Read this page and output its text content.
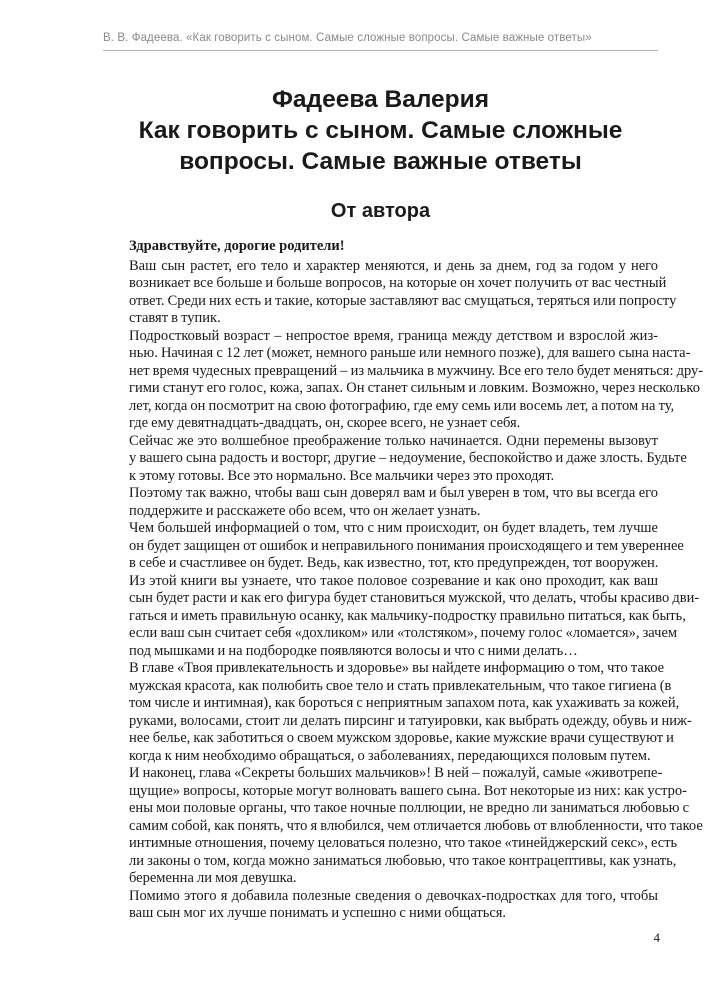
В. В. Фадеева. «Как говорить с сыном. Самые сложные вопросы. Самые важные ответы»
Фадеева Валерия
Как говорить с сыном. Самые сложные
вопросы. Самые важные ответы
От автора

Здравствуйте, дорогие родители!

Ваш сын растет, его тело и характер меняются, и день за днем, год за годом у него
возникает все больше и больше вопросов, на которые он хочет получить от вас честный
ответ. Среди них есть и такие, которые заставляют вас смущаться, теряться или попросту
ставят в тупик.

Подростковый возраст – непростое время, граница между детством и взрослой жиз-
нью. Начиная с 12 лет (может, немного раньше или немного позже), для вашего сына наста-
нет время чудесных превращений – из мальчика в мужчину. Все его тело будет меняться: дру-
гими станут его голос, кожа, запах. Он станет сильным и ловким. Возможно, через несколько
лет, когда он посмотрит на свою фотографию, где ему семь или восемь лет, а потом на ту,
где ему девятнадцать-двадцать, он, скорее всего, не узнает себя.

Сейчас же это волшебное преображение только начинается. Одни перемены вызовут
у вашего сына радость и восторг, другие – недоумение, беспокойство и даже злость. Будьте
к этому готовы. Все это нормально. Все мальчики через это проходят.

Поэтому так важно, чтобы ваш сын доверял вам и был уверен в том, что вы всегда его
поддержите и расскажете обо всем, что он желает узнать.

Чем большей информацией о том, что с ним происходит, он будет владеть, тем лучше
он будет защищен от ошибок и неправильного понимания происходящего и тем увереннее
в себе и счастливее он будет. Ведь, как известно, тот, кто предупрежден, тот вооружен.

Из этой книги вы узнаете, что такое половое созревание и как оно проходит, как ваш
сын будет расти и как его фигура будет становиться мужской, что делать, чтобы красиво дви-
гаться и иметь правильную осанку, как мальчику-подростку правильно питаться, как быть,
если ваш сын считает себя «дохликом» или «толстяком», почему голос «ломается», зачем
под мышками и на подбородке появляются волосы и что с ними делать…

В главе «Твоя привлекательность и здоровье» вы найдете информацию о том, что такое
мужская красота, как полюбить свое тело и стать привлекательным, что такое гигиена (в
том числе и интимная), как бороться с неприятным запахом пота, как ухаживать за кожей,
руками, волосами, стоит ли делать пирсинг и татуировки, как выбрать одежду, обувь и ниж-
нее белье, как заботиться о своем мужском здоровье, какие мужские врачи существуют и
когда к ним необходимо обращаться, о заболеваниях, передающихся половым путем.

И наконец, глава «Секреты больших мальчиков»! В ней – пожалуй, самые «животрепе-
щущие» вопросы, которые могут волновать вашего сына. Вот некоторые из них: как устро-
ены мои половые органы, что такое ночные поллюции, не вредно ли заниматься любовью с
самим собой, как понять, что я влюбился, чем отличается любовь от влюбленности, что такое
интимные отношения, почему целоваться полезно, что такое «тинейджерский секс», есть
ли законы о том, когда можно заниматься любовью, что такое контрацептивы, как узнать,
беременна ли моя девушка.

Помимо этого я добавила полезные сведения о девочках-подростках для того, чтобы
ваш сын мог их лучше понимать и успешно с ними общаться.

4
